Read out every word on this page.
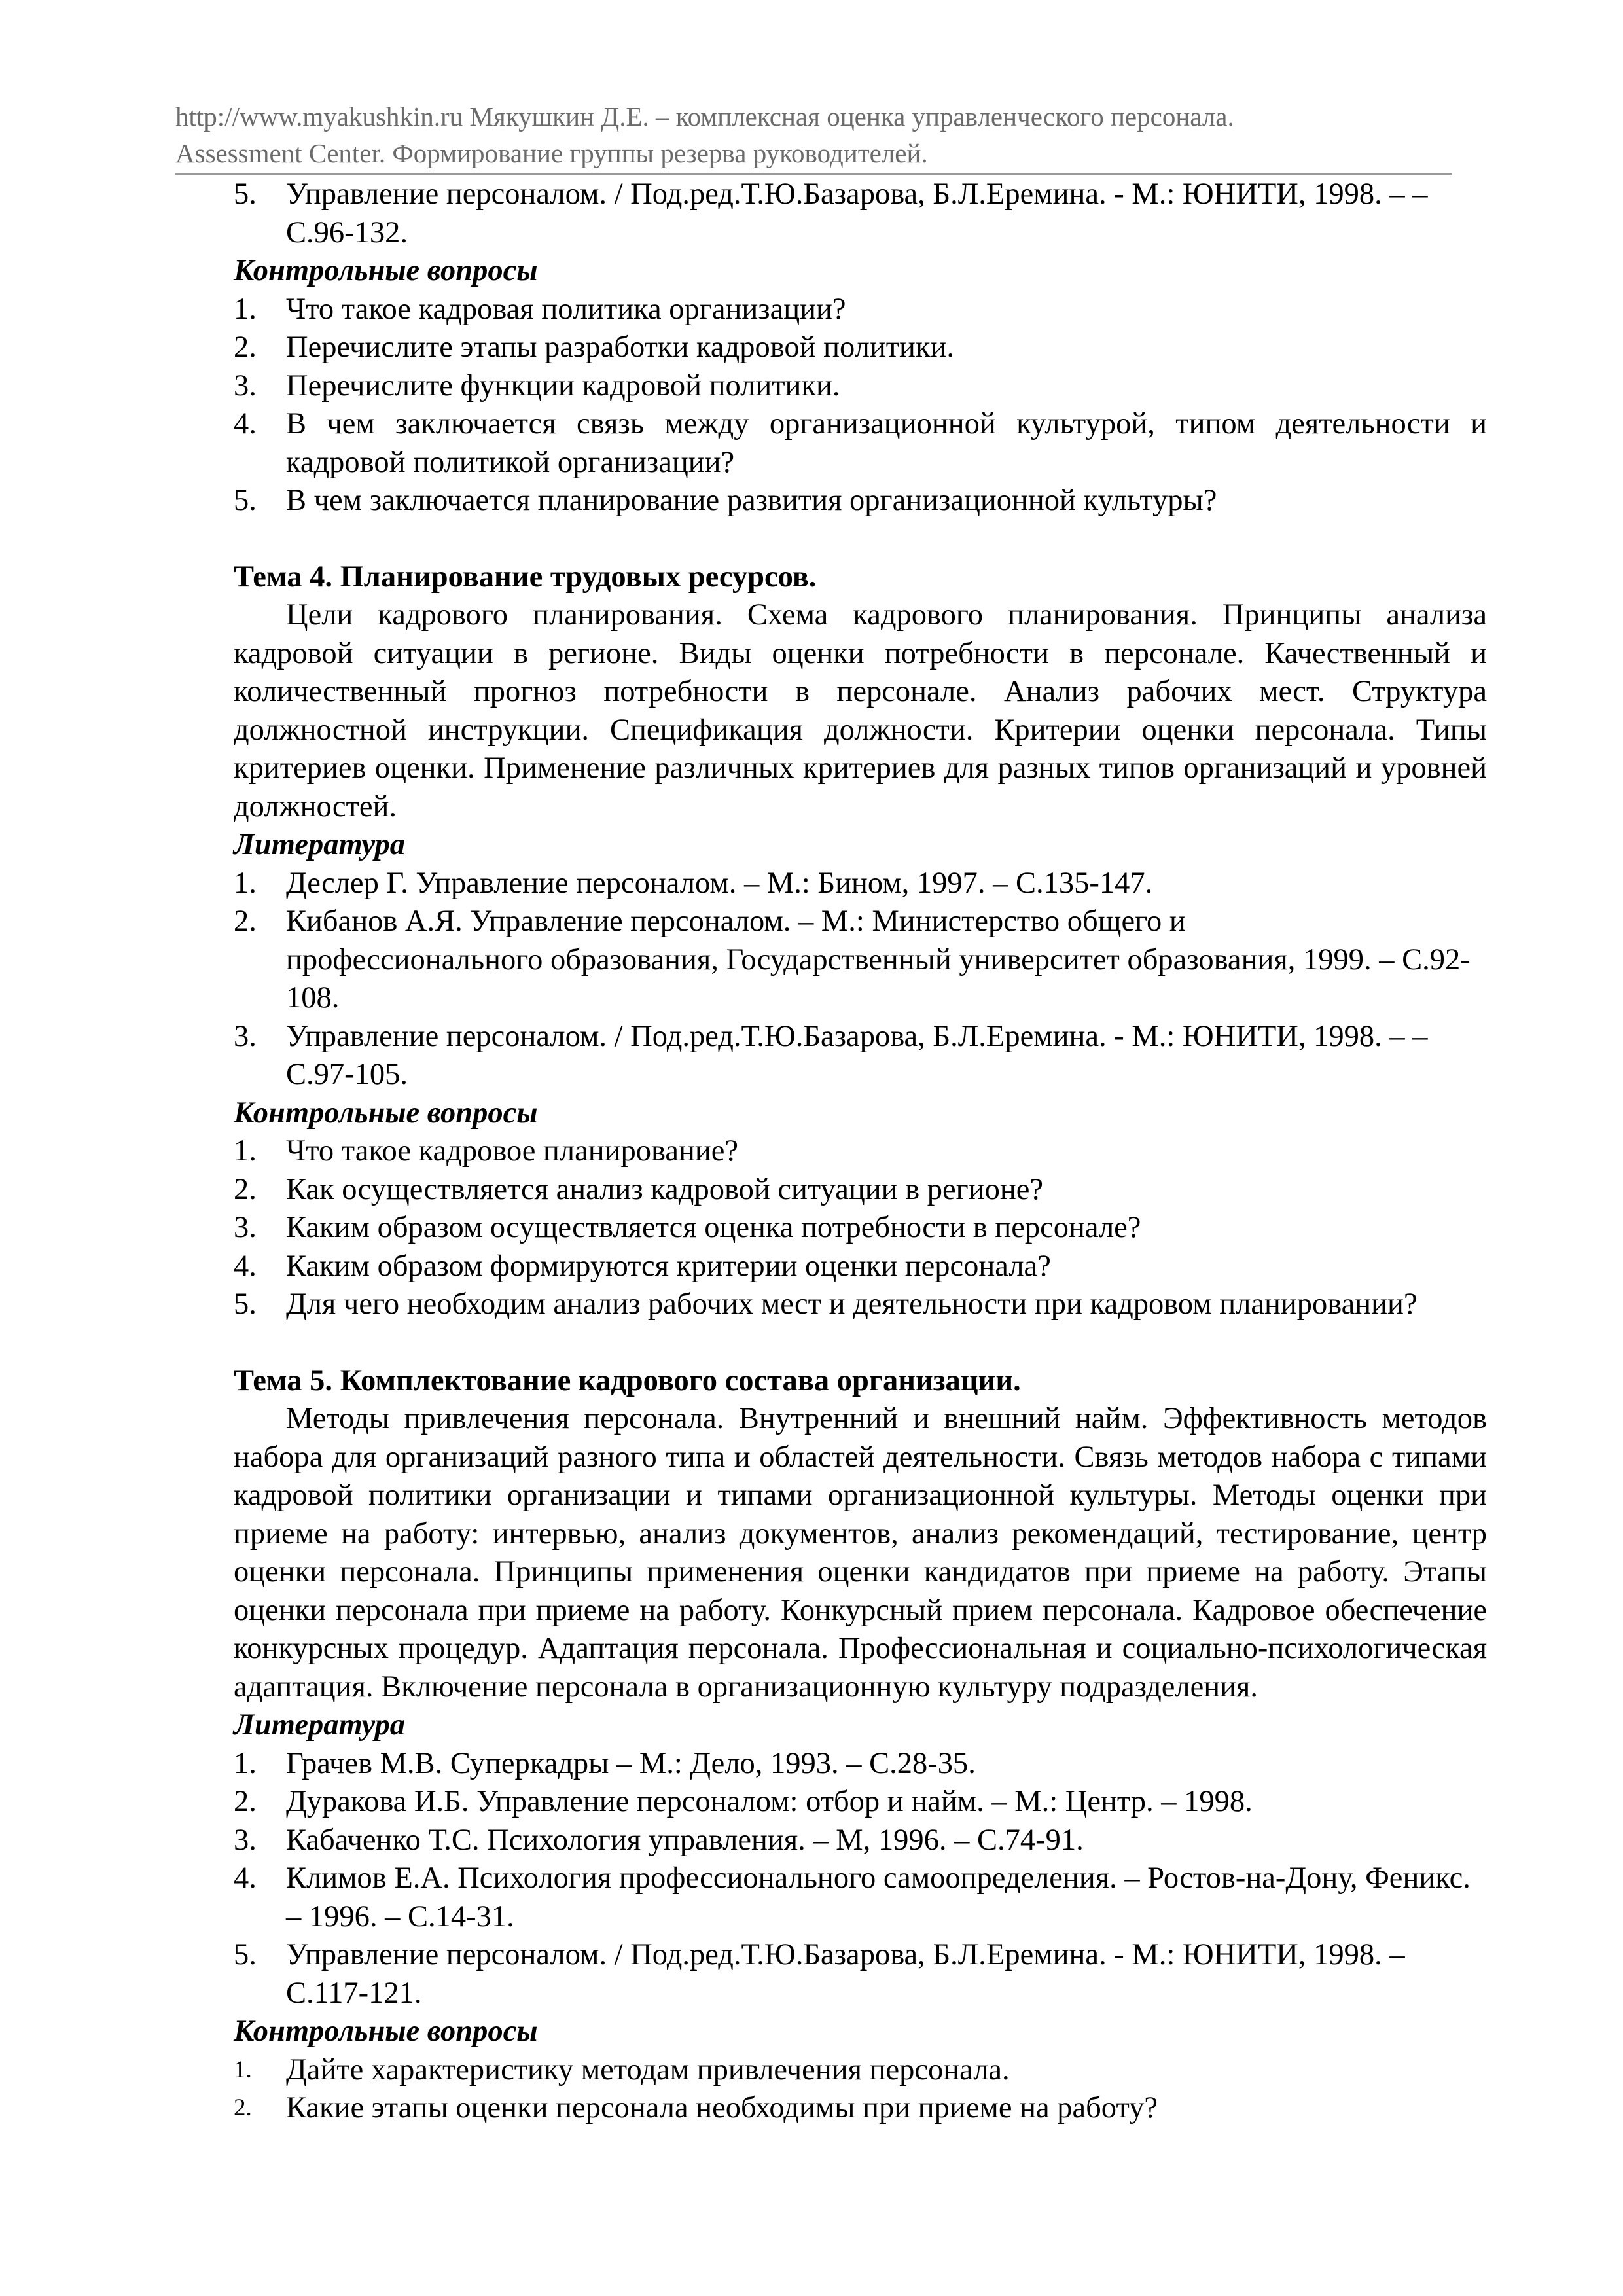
http://www.myakushkin.ru Мякушкин Д.Е. – комплексная оценка управленческого персонала.
Assessment Center. Формирование группы резерва руководителей.
5. Управление персоналом. / Под.ред.Т.Ю.Базарова, Б.Л.Еремина. - М.: ЮНИТИ, 1998. – – С.96-132.

Контрольные вопросы

1. Что такое кадровая политика организации?
2. Перечислите этапы разработки кадровой политики.
3. Перечислите функции кадровой политики.
4. В чем заключается связь между организационной культурой, типом деятельности и кадровой политикой организации?
5. В чем заключается планирование развития организационной культуры?

Тема 4. Планирование трудовых ресурсов.

Цели кадрового планирования. Схема кадрового планирования. Принципы анализа кадровой ситуации в регионе. Виды оценки потребности в персонале. Качественный и количественный прогноз потребности в персонале. Анализ рабочих мест. Структура должностной инструкции. Спецификация должности. Критерии оценки персонала. Типы критериев оценки. Применение различных критериев для разных типов организаций и уровней должностей.

Литература

1. Деслер Г. Управление персоналом. – М.: Бином, 1997. – С.135-147.
2. Кибанов А.Я. Управление персоналом. – М.: Министерство общего и
профессионального образования, Государственный университет образования, 1999. – С.92-108.
3. Управление персоналом. / Под.ред.Т.Ю.Базарова, Б.Л.Еремина. - М.: ЮНИТИ, 1998. – – С.97-105.

Контрольные вопросы

1. Что такое кадровое планирование?
2. Как осуществляется анализ кадровой ситуации в регионе?
3. Каким образом осуществляется оценка потребности в персонале?
4. Каким образом формируются критерии оценки персонала?
5. Для чего необходим анализ рабочих мест и деятельности при кадровом планировании?

Тема 5. Комплектование кадрового состава организации.

Методы привлечения персонала. Внутренний и внешний найм. Эффективность методов набора для организаций разного типа и областей деятельности. Связь методов набора с типами кадровой политики организации и типами организационной культуры. Методы оценки при приеме на работу: интервью, анализ документов, анализ рекомендаций, тестирование, центр оценки персонала. Принципы применения оценки кандидатов при приеме на работу. Этапы оценки персонала при приеме на работу. Конкурсный прием персонала. Кадровое обеспечение конкурсных процедур. Адаптация персонала. Профессиональная и социально-психологическая адаптация. Включение персонала в организационную культуру подразделения.

Литература

1. Грачев М.В. Суперкадры – М.: Дело, 1993. – С.28-35.
2. Дуракова И.Б. Управление персоналом: отбор и найм. – М.: Центр. – 1998.
3. Кабаченко Т.С. Психология управления. – М, 1996. – С.74-91.
4. Климов Е.А. Психология профессионального самоопределения. – Ростов-на-Дону, Феникс. – 1996. – С.14-31.
5. Управление персоналом. / Под.ред.Т.Ю.Базарова, Б.Л.Еремина. - М.: ЮНИТИ, 1998. – С.117-121.

Контрольные вопросы

1. Дайте характеристику методам привлечения персонала.
2. Какие этапы оценки персонала необходимы при приеме на работу?
